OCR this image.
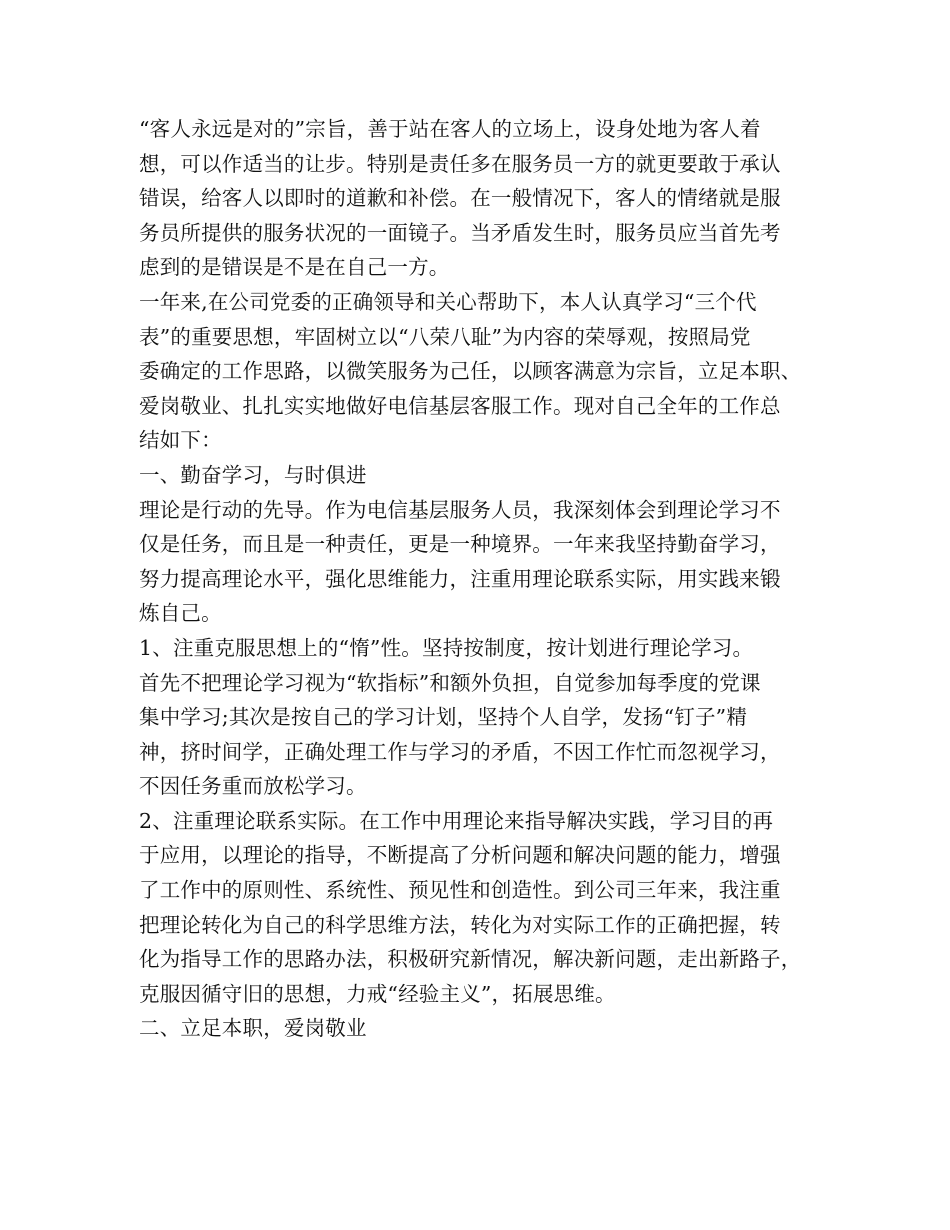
“客人永远是对的”宗旨，善于站在客人的立场上，设身处地为客人着
想，可以作适当的让步。特别是责任多在服务员一方的就更要敢于承认
错误，给客人以即时的道歉和补偿。在一般情况下，客人的情绪就是服
务员所提供的服务状况的一面镜子。当矛盾发生时，服务员应当首先考
虑到的是错误是不是在自己一方。
一年来,在公司党委的正确领导和关心帮助下，本人认真学习“三个代
表”的重要思想，牢固树立以“八荣八耻”为内容的荣辱观，按照局党
委确定的工作思路，以微笑服务为己任，以顾客满意为宗旨，立足本职、
爱岗敬业、扎扎实实地做好电信基层客服工作。现对自己全年的工作总
结如下：
一、勤奋学习，与时俱进
理论是行动的先导。作为电信基层服务人员，我深刻体会到理论学习不
仅是任务，而且是一种责任，更是一种境界。一年来我坚持勤奋学习，
努力提高理论水平，强化思维能力，注重用理论联系实际，用实践来锻
炼自己。
1、注重克服思想上的“惰”性。坚持按制度，按计划进行理论学习。
首先不把理论学习视为“软指标”和额外负担，自觉参加每季度的党课
集中学习;其次是按自己的学习计划，坚持个人自学，发扬“钉子”精
神，挤时间学，正确处理工作与学习的矛盾，不因工作忙而忽视学习，
不因任务重而放松学习。
2、注重理论联系实际。在工作中用理论来指导解决实践，学习目的再
于应用，以理论的指导，不断提高了分析问题和解决问题的能力，增强
了工作中的原则性、系统性、预见性和创造性。到公司三年来，我注重
把理论转化为自己的科学思维方法，转化为对实际工作的正确把握，转
化为指导工作的思路办法，积极研究新情况，解决新问题，走出新路子，
克服因循守旧的思想，力戒“经验主义”，拓展思维。
二、立足本职，爱岗敬业
